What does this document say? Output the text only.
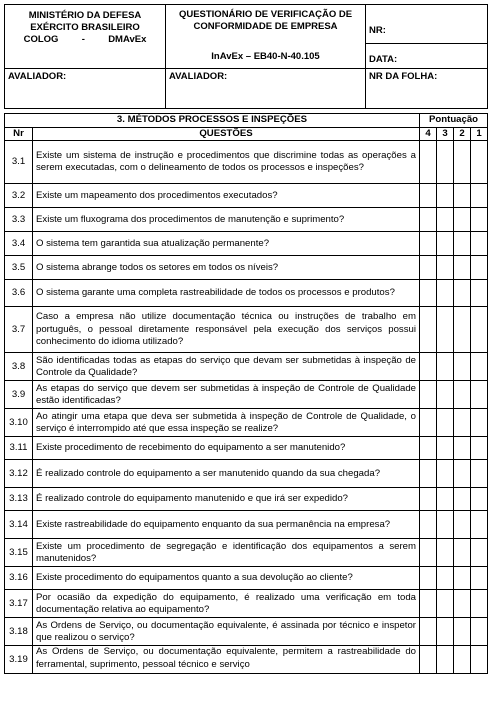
MINISTÉRIO DA DEFESA
EXÉRCITO BRASILEIRO
COLOG - DMAvEx

QUESTIONÁRIO DE VERIFICAÇÃO DE
CONFORMIDADE DE EMPRESA
InAvEx – EB40-N-40.105

NR:
DATA:

AVALIADOR:	AVALIADOR:	NR DA FOLHA:
3. MÉTODOS PROCESSOS E INSPEÇÕES		Pontuação			
Nr	QUESTÕES	4	3	2	1
3.1	Existe um sistema de instrução e procedimentos que discrimine todas as operações a serem executadas, com o delineamento de todos os processos e inspeções?				
3.2	Existe um mapeamento dos procedimentos executados?				
3.3	Existe um fluxograma dos procedimentos de manutenção e suprimento?				
3.4	O sistema tem garantida sua atualização permanente?				
3.5	O sistema abrange todos os setores em todos os níveis?				
3.6	O sistema garante uma completa rastreabilidade de todos os processos e produtos?				
3.7	Caso a empresa não utilize documentação técnica ou instruções de trabalho em português, o pessoal diretamente responsável pela execução dos serviços possui conhecimento do idioma utilizado?				
3.8	São identificadas todas as etapas do serviço que devam ser submetidas à inspeção de Controle da Qualidade?				
3.9	As etapas do serviço que devem ser submetidas à inspeção de Controle de Qualidade estão identificadas?				
3.10	Ao atingir uma etapa que deva ser submetida à inspeção de Controle de Qualidade, o serviço é interrompido até que essa inspeção se realize?				
3.11	Existe procedimento de recebimento do equipamento a ser manutenido?				
3.12	É realizado controle do equipamento a ser manutenido quando da sua chegada?				
3.13	É realizado controle do equipamento manutenido e que irá ser expedido?				
3.14	Existe rastreabilidade do equipamento enquanto da sua permanência na empresa?				
3.15	Existe um procedimento de segregação e identificação dos equipamentos a serem manutenidos?				
3.16	Existe procedimento do equipamentos quanto a sua devolução ao cliente?				
3.17	Por ocasião da expedição do equipamento, é realizado uma verificação em toda documentação relativa ao equipamento?				
3.18	As Ordens de Serviço, ou documentação equivalente, é assinada por técnico e inspetor que realizou o serviço?				
3.19	As Ordens de Serviço, ou documentação equivalente, permitem a rastreabilidade do ferramental, suprimento, pessoal técnico e serviço				
